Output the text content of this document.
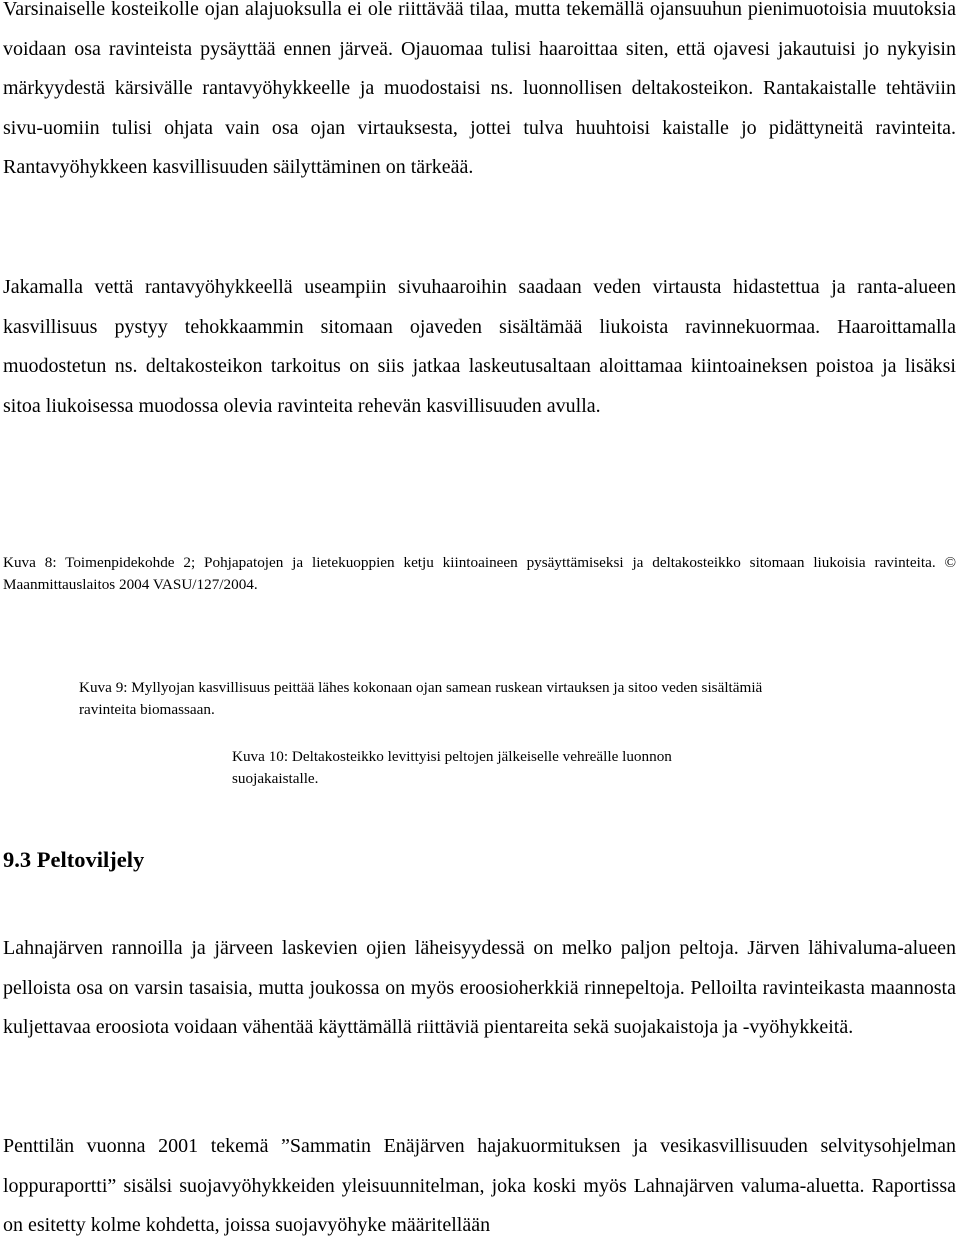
Varsinaiselle kosteikolle ojan alajuoksulla ei ole riittävää tilaa, mutta tekemällä ojansuuhun pienimuotoisia muutoksia voidaan osa ravinteista pysäyttää ennen järveä. Ojauomaa tulisi haaroittaa siten, että ojavesi jakautuisi jo nykyisin märkyydestä kärsivälle rantavyöhykkeelle ja muodostaisi ns. luonnollisen deltakosteikon. Rantakaistalle tehtäviin sivu-uomiin tulisi ohjata vain osa ojan virtauksesta, jottei tulva huuhtoisi kaistalle jo pidättyneitä ravinteita. Rantavyöhykkeen kasvillisuuden säilyttäminen on tärkeää.

Jakamalla vettä rantavyöhykkeellä useampiin sivuhaaroihin saadaan veden virtausta hidastettua ja ranta-alueen kasvillisuus pystyy tehokkaammin sitomaan ojaveden sisältämää liukoista ravinnekuormaa. Haaroittamalla muodostetun ns. deltakosteikon tarkoitus on siis jatkaa laskeutusaltaan aloittamaa kiintoaineksen poistoa ja lisäksi sitoa liukoisessa muodossa olevia ravinteita rehevän kasvillisuuden avulla.

Kuva 8: Toimenpidekohde 2; Pohjapatojen ja lietekuoppien ketju kiintoaineen pysäyttämiseksi ja deltakosteikko sitomaan liukoisia ravinteita. © Maanmittauslaitos 2004 VASU/127/2004.

Kuva 9: Myllyojan kasvillisuus peittää lähes kokonaan ojan samean ruskean virtauksen ja sitoo veden sisältämiä ravinteita biomassaan.

Kuva 10: Deltakosteikko levittyisi peltojen jälkeiselle vehreälle luonnon suojakaistalle.

9.3 Peltoviljely

Lahnajärven rannoilla ja järveen laskevien ojien läheisyydessä on melko paljon peltoja. Järven lähivaluma-alueen pelloista osa on varsin tasaisia, mutta joukossa on myös eroosioherkkiä rinnepeltoja. Pelloilta ravinteikasta maannosta kuljettavaa eroosiota voidaan vähentää käyttämällä riittäviä pientareita sekä suojakaistoja ja -vyöhykkeitä.

Penttilän vuonna 2001 tekemä ”Sammatin Enäjärven hajakuormituksen ja vesikasvillisuuden selvitysohjelman loppuraportti” sisälsi suojavyöhykkeiden yleisuunnitelman, joka koski myös Lahnajärven valuma-aluetta. Raportissa on esitetty kolme kohdetta, joissa suojavyöhyke määritellään
